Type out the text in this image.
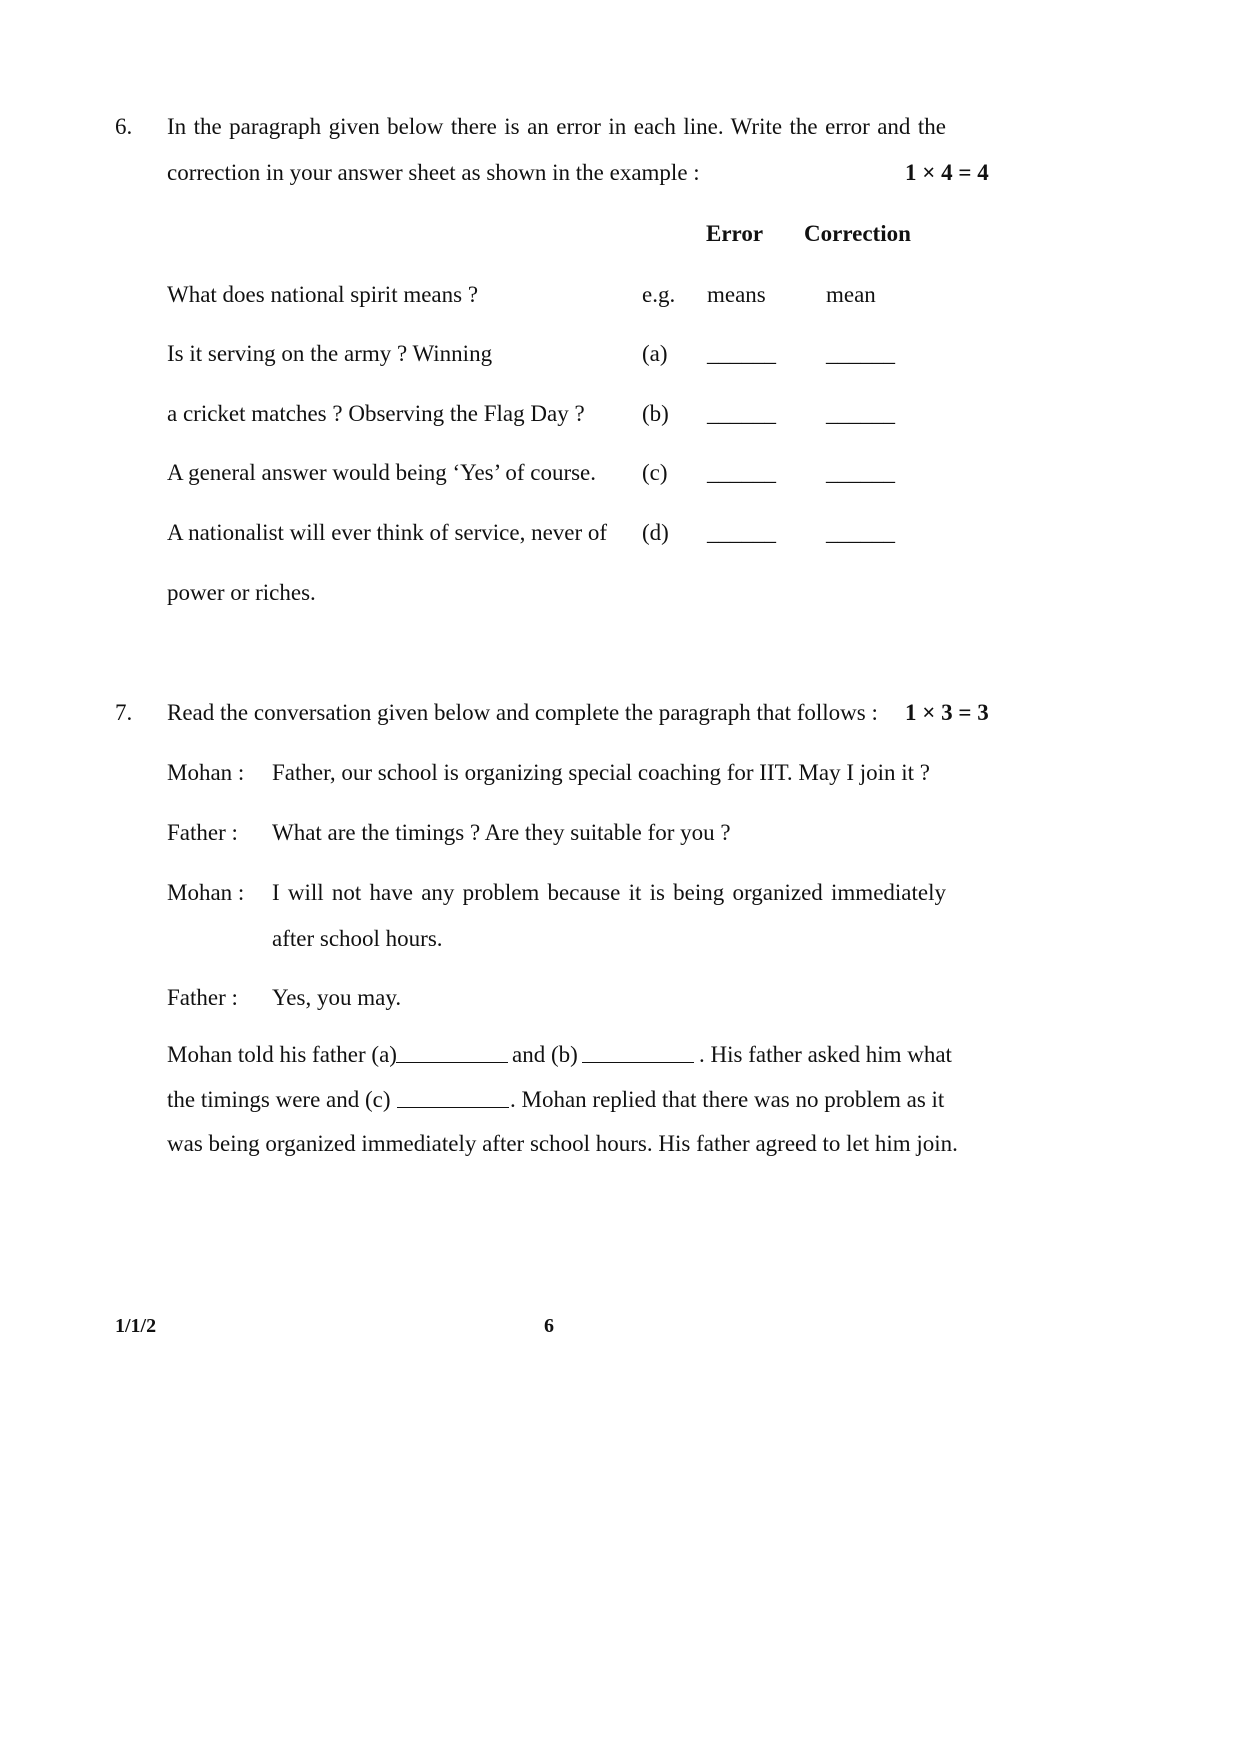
6. In the paragraph given below there is an error in each line. Write the error and the
correction in your answer sheet as shown in the example :	1 × 4 = 4
Error Correction
What does national spirit means ?	e.g. means	mean
Is it serving on the army ? Winning	(a) ______ ______
a cricket matches ? Observing the Flag Day ? (b) ______ ______
A general answer would being ‘Yes’ of course. (c) ______ ______
A nationalist will ever think of service, never of (d) ______ ______
power or riches.
7. Read the conversation given below and complete the paragraph that follows : 1 × 3 = 3
Mohan : Father, our school is organizing special coaching for IIT. May I join it ?
Father : What are the timings ? Are they suitable for you ?
Mohan : I will not have any problem because it is being organized immediately
after school hours.
Father : Yes, you may.
Mohan told his father (a)	and (b)	. His father asked him what
the timings were and (c)	. Mohan replied that there was no problem as it
was being organized immediately after school hours. His father agreed to let him join.
1/1/2	6
